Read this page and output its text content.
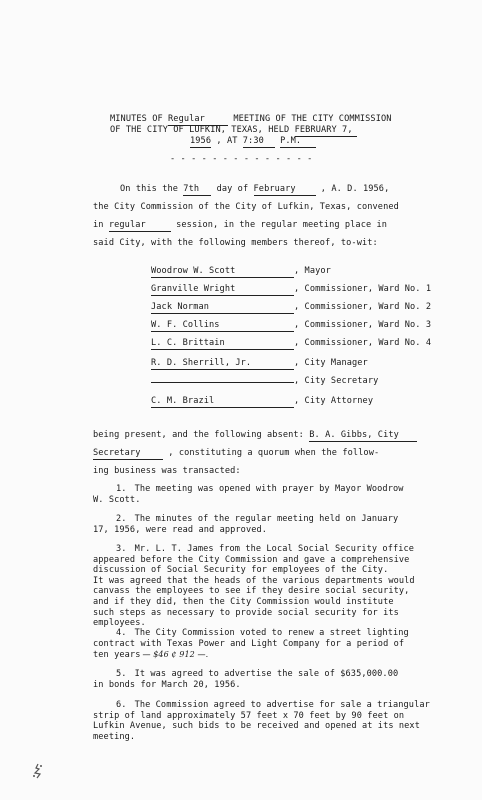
MINUTES OF Regular	MEETING OF THE CITY COMMISSION
OF THE CITY OF LUFKIN, TEXAS, HELD FEBRUARY 7,
1956 , AT 7:30 P.M.
- - - - - - - - - - - - - -
On this the 7th day of February	, A. D. 1956,
the City Commission of the City of Lufkin, Texas, convened
in regular	session, in the regular meeting place in
said City, with the following members thereof, to-wit:
Woodrow W. Scott	, Mayor
Granville Wright	, Commissioner, Ward No. 1
Jack Norman	, Commissioner, Ward No. 2
W. F. Collins	, Commissioner, Ward No. 3
L. C. Brittain	, Commissioner, Ward No. 4
R. D. Sherrill, Jr.	, City Manager
, City Secretary
C. M. Brazil	, City Attorney
being present, and the following absent: B. A. Gibbs, City
Secretary	, constituting a quorum when the follow-
ing business was transacted:
1. The meeting was opened with prayer by Mayor Woodrow
W. Scott.
2. The minutes of the regular meeting held on January
17, 1956, were read and approved.
3. Mr. L. T. James from the Local Social Security office
appeared before the City Commission and gave a comprehensive
discussion of Social Security for employees of the City.
It was agreed that the heads of the various departments would
canvass the employees to see if they desire social security,
and if they did, then the City Commission would institute
such steps as necessary to provide social security for its
employees.
4. The City Commission voted to renew a street lighting
contract with Texas Power and Light Company for a period of
ten years — $46 ¢ 912 —.
5. It was agreed to advertise the sale of $635,000.00
in bonds for March 20, 1956.
6. The Commission agreed to advertise for sale a triangular
strip of land approximately 57 feet x 70 feet by 90 feet on
Lufkin Avenue, such bids to be received and opened at its next
meeting.
